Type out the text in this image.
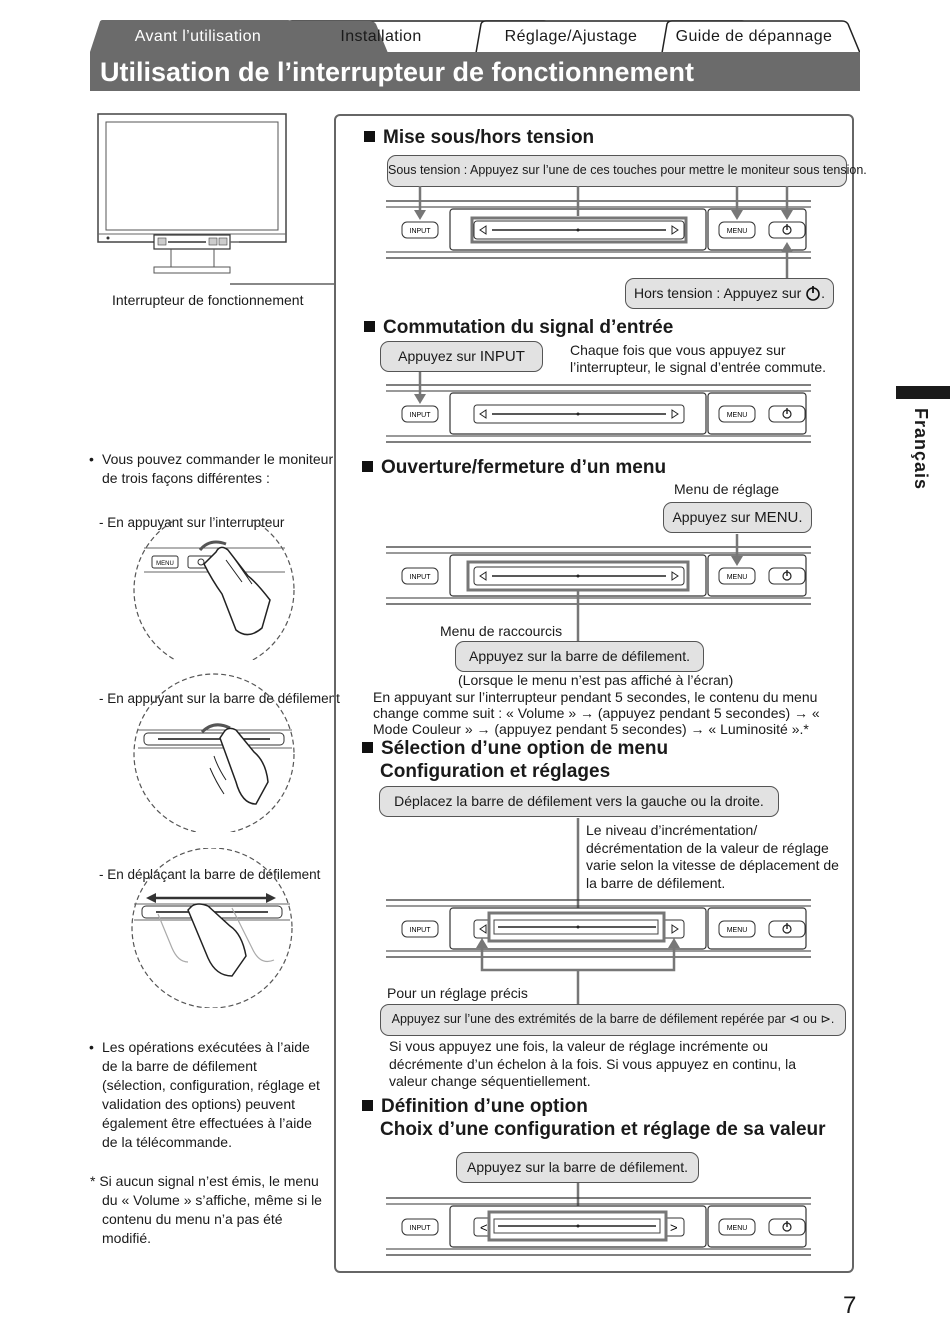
Avant l’utilisation	Installation	Réglage/Ajustage	Guide de dépannage
Utilisation de l’interrupteur de fonctionnement
Français
Interrupteur de fonctionnement
• Vous pouvez commander le moniteur de trois façons différentes :
- En appuyant sur l’interrupteur
MENU
- En appuyant sur la barre de défilement
- En déplaçant la barre de défilement
• Les opérations exécutées à l’aide de la barre de défilement (sélection, configuration, réglage et validation des options) peuvent également être effectuées à l’aide de la télécommande.
* Si aucun signal n’est émis, le menu du « Volume » s’affiche, même si le contenu du menu n’a pas été modifié.
Mise sous/hors tension
Sous tension : Appuyez sur l’une de ces touches pour mettre le moniteur sous tension.
INPUT	MENU
Hors tension : Appuyez sur .
Commutation du signal d’entrée
Appuyez sur INPUT	Chaque fois que vous appuyez sur l’interrupteur, le signal d’entrée commute.
INPUT	MENU
Ouverture/fermeture d’un menu
Menu de réglage
Appuyez sur MENU.
INPUT	MENU
Menu de raccourcis
Appuyez sur la barre de défilement.
(Lorsque le menu n’est pas affiché à l’écran)
En appuyant sur l’interrupteur pendant 5 secondes, le contenu du menu change comme suit : « Volume » → (appuyez pendant 5 secondes) → « Mode Couleur » → (appuyez pendant 5 secondes) → « Luminosité ».*
Sélection d’une option de menu
Configuration et réglages
Déplacez la barre de défilement vers la gauche ou la droite.
Le niveau d’incrémentation/ décrémentation de la valeur de réglage varie selon la vitesse de déplacement de la barre de défilement.
INPUT	MENU
Pour un réglage précis
Appuyez sur l’une des extrémités de la barre de défilement repérée par ⊲ ou ⊳.
Si vous appuyez une fois, la valeur de réglage incrémente ou décrémente d’un échelon à la fois. Si vous appuyez en continu, la valeur change séquentiellement.
Définition d’une option
Choix d’une configuration et réglage de sa valeur
Appuyez sur la barre de défilement.
<	>
INPUT	MENU
7
